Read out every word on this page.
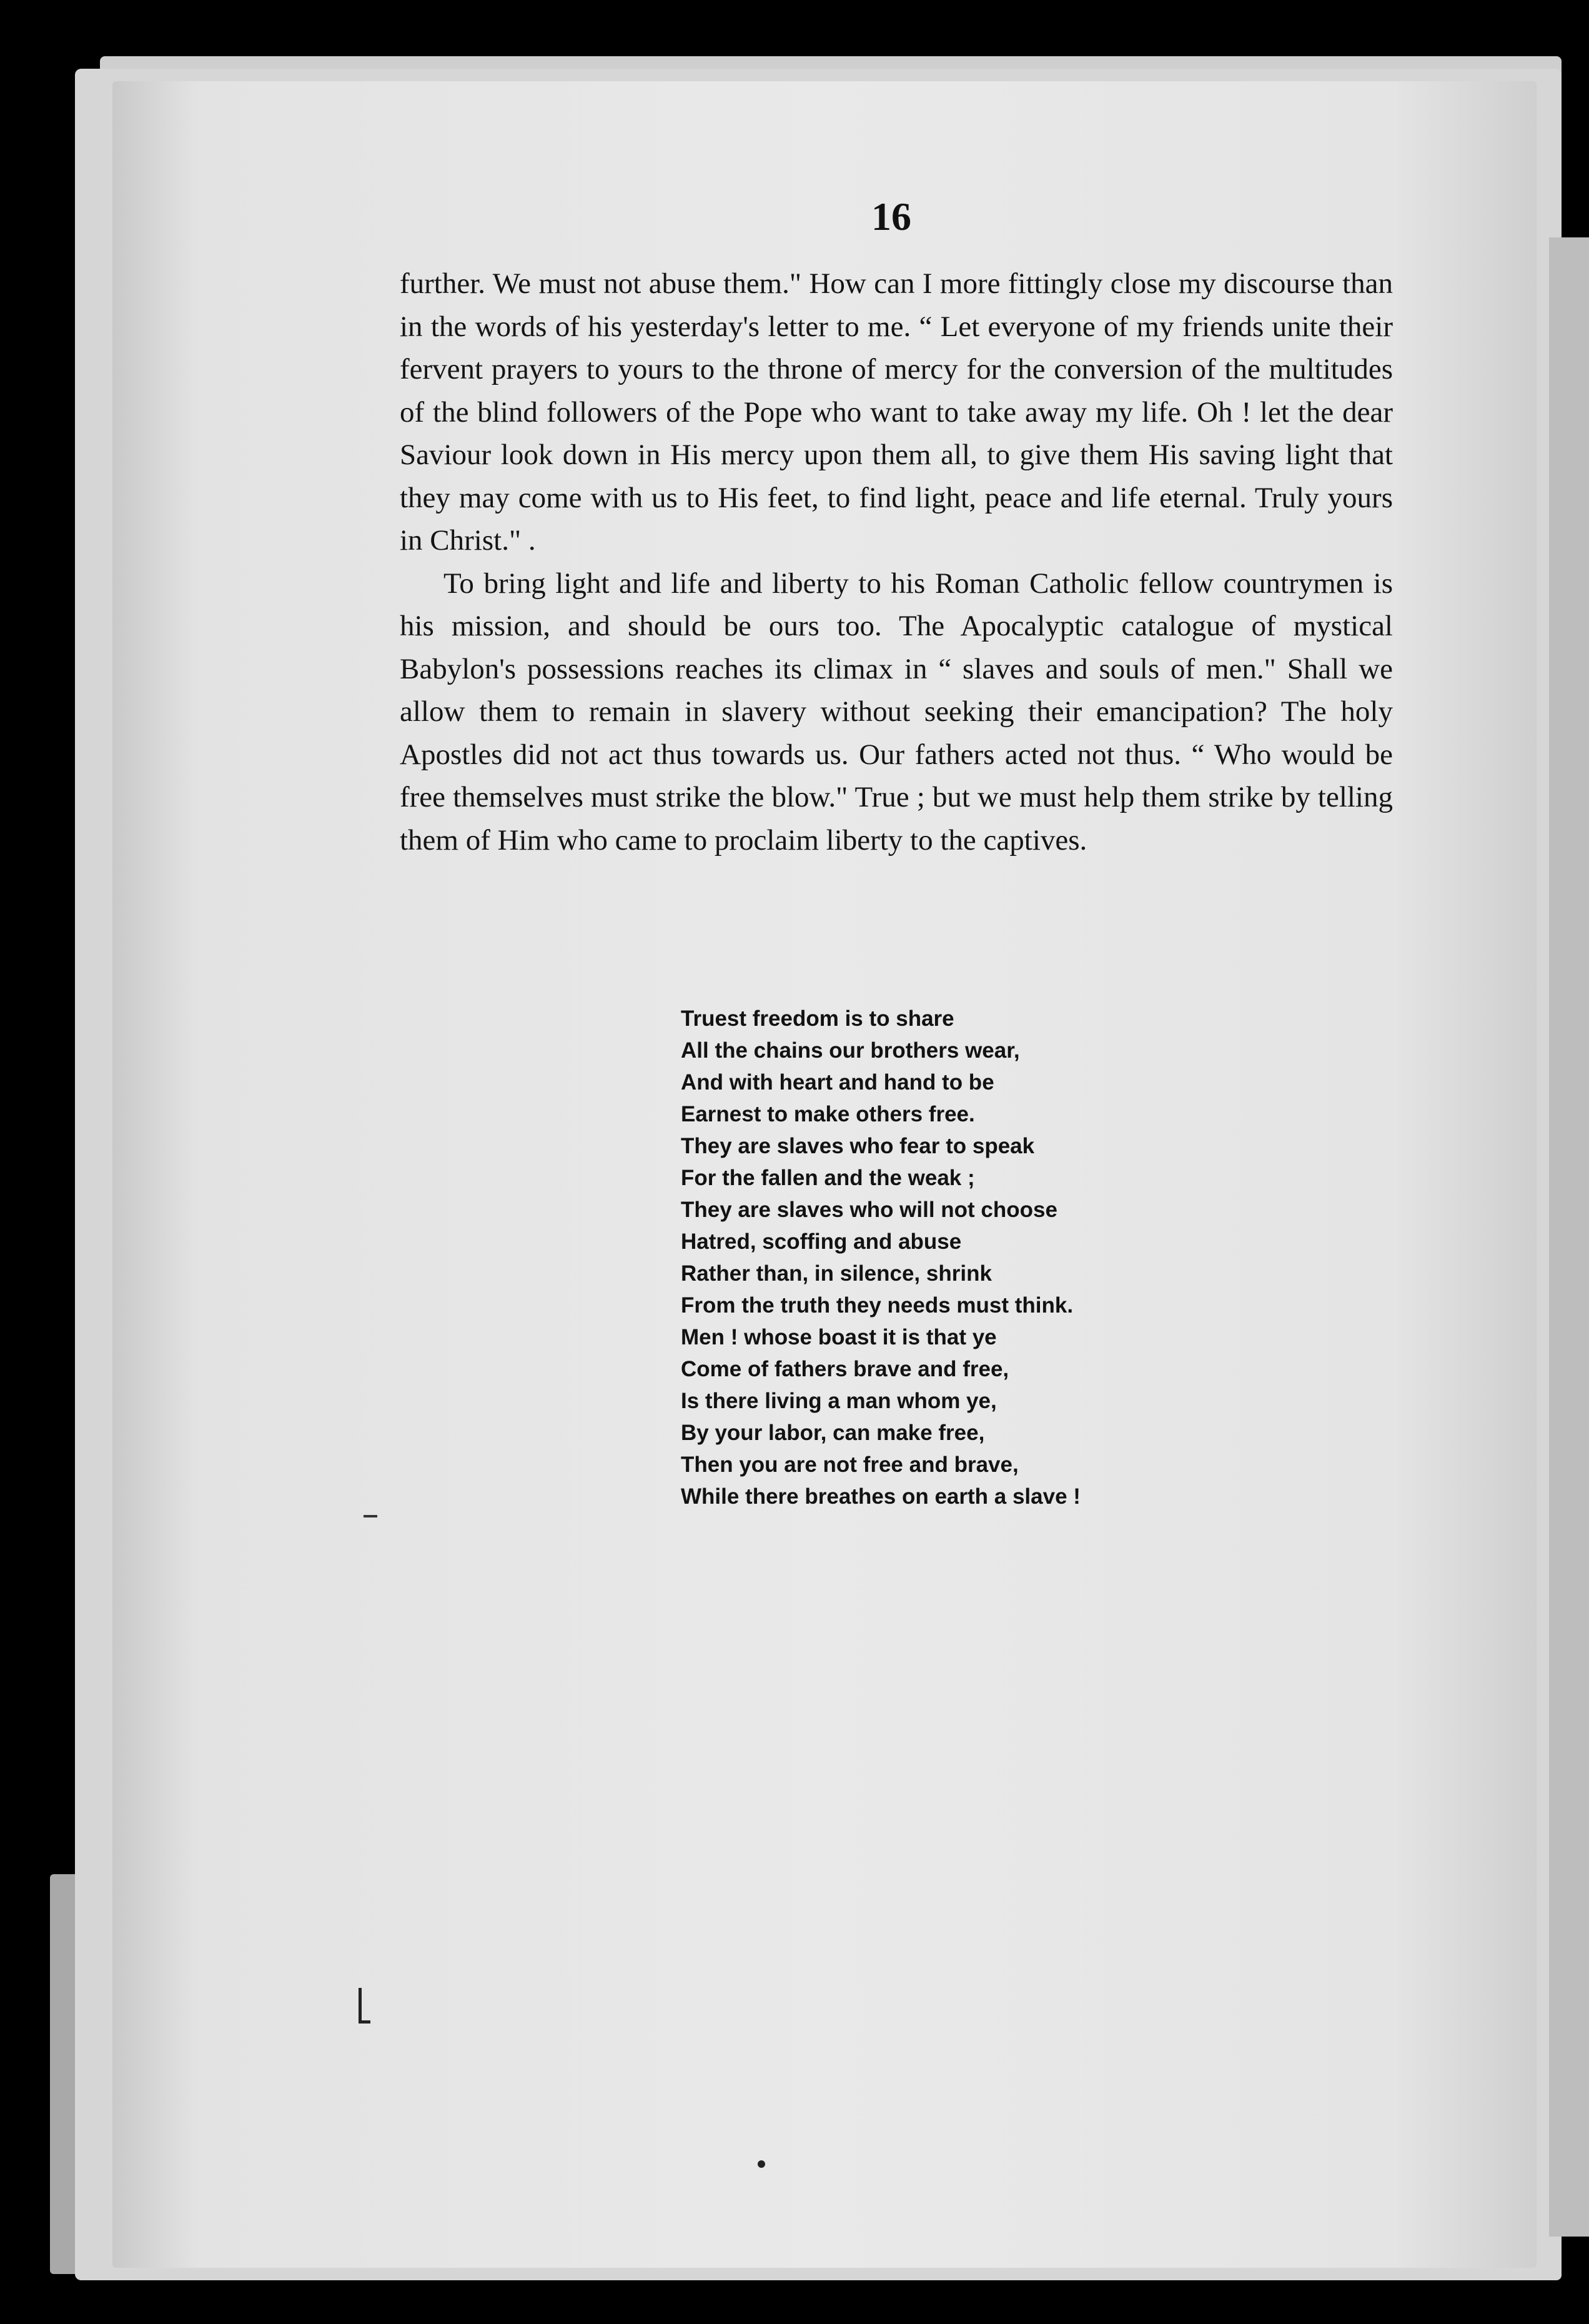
16

further. We must not abuse them." How can I more fittingly close my discourse than in the words of his yesterday's letter to me. “ Let everyone of my friends unite their fervent prayers to yours to the throne of mercy for the conversion of the multitudes of the blind followers of the Pope who want to take away my life. Oh ! let the dear Saviour look down in His mercy upon them all, to give them His saving light that they may come with us to His feet, to find light, peace and life eternal. Truly yours in Christ." .

To bring light and life and liberty to his Roman Catholic fellow countrymen is his mission, and should be ours too. The Apocalyptic catalogue of mystical Babylon's possessions reaches its climax in “ slaves and souls of men." Shall we allow them to remain in slavery without seeking their emancipation? The holy Apostles did not act thus towards us. Our fathers acted not thus. “ Who would be free themselves must strike the blow." True ; but we must help them strike by telling them of Him who came to proclaim liberty to the captives.

Truest freedom is to share
All the chains our brothers wear,
And with heart and hand to be
Earnest to make others free.
They are slaves who fear to speak
For the fallen and the weak ;
They are slaves who will not choose
Hatred, scoffing and abuse
Rather than, in silence, shrink
From the truth they needs must think.
Men ! whose boast it is that ye
Come of fathers brave and free,
Is there living a man whom ye,
By your labor, can make free,
Then you are not free and brave,
While there breathes on earth a slave !
